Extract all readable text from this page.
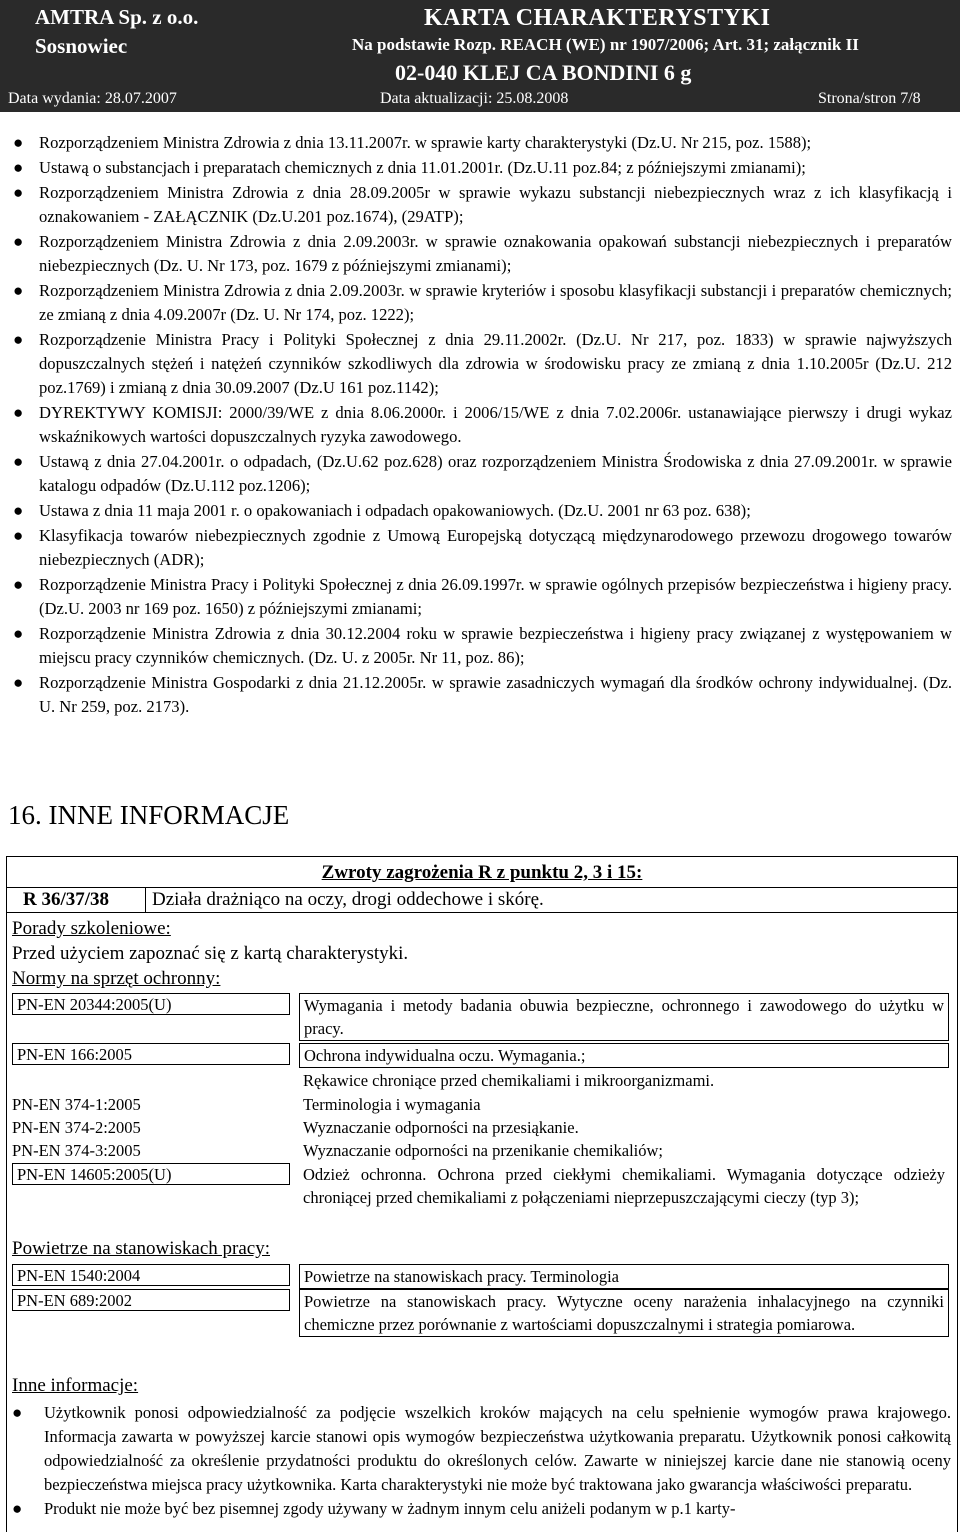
AMTRA Sp. z o.o.
Sosnowiec
KARTA CHARAKTERYSTYKI
Na podstawie Rozp. REACH (WE) nr 1907/2006; Art. 31; załącznik II
02-040 KLEJ CA BONDINI 6 g
Data wydania: 28.07.2007	Data aktualizacji: 25.08.2008	Strona/stron 7/8
● Rozporządzeniem Ministra Zdrowia z dnia 13.11.2007r. w sprawie karty charakterystyki (Dz.U. Nr 215, poz. 1588);
● Ustawą o substancjach i preparatach chemicznych z dnia 11.01.2001r. (Dz.U.11 poz.84; z późniejszymi zmianami);
● Rozporządzeniem Ministra Zdrowia z dnia 28.09.2005r w sprawie wykazu substancji niebezpiecznych wraz z ich klasyfikacją i oznakowaniem - ZAŁĄCZNIK (Dz.U.201 poz.1674), (29ATP);
● Rozporządzeniem Ministra Zdrowia z dnia 2.09.2003r. w sprawie oznakowania opakowań substancji niebezpiecznych i preparatów niebezpiecznych (Dz. U. Nr 173, poz. 1679 z późniejszymi zmianami);
● Rozporządzeniem Ministra Zdrowia z dnia 2.09.2003r. w sprawie kryteriów i sposobu klasyfikacji substancji i preparatów chemicznych; ze zmianą z dnia 4.09.2007r (Dz. U. Nr 174, poz. 1222);
● Rozporządzenie Ministra Pracy i Polityki Społecznej z dnia 29.11.2002r. (Dz.U. Nr 217, poz. 1833) w sprawie najwyższych dopuszczalnych stężeń i natężeń czynników szkodliwych dla zdrowia w środowisku pracy ze zmianą z dnia 1.10.2005r (Dz.U. 212 poz.1769) i zmianą z dnia 30.09.2007 (Dz.U 161 poz.1142);
● DYREKTYWY KOMISJI: 2000/39/WE z dnia 8.06.2000r. i 2006/15/WE z dnia 7.02.2006r. ustanawiające pierwszy i drugi wykaz wskaźnikowych wartości dopuszczalnych ryzyka zawodowego.
● Ustawą z dnia 27.04.2001r. o odpadach, (Dz.U.62 poz.628) oraz rozporządzeniem Ministra Środowiska z dnia 27.09.2001r. w sprawie katalogu odpadów (Dz.U.112 poz.1206);
● Ustawa z dnia 11 maja 2001 r. o opakowaniach i odpadach opakowaniowych. (Dz.U. 2001 nr 63 poz. 638);
● Klasyfikacja towarów niebezpiecznych zgodnie z Umową Europejską dotyczącą międzynarodowego przewozu drogowego towarów niebezpiecznych (ADR);
● Rozporządzenie Ministra Pracy i Polityki Społecznej z dnia 26.09.1997r. w sprawie ogólnych przepisów bezpieczeństwa i higieny pracy. (Dz.U. 2003 nr 169 poz. 1650) z późniejszymi zmianami;
● Rozporządzenie Ministra Zdrowia z dnia 30.12.2004 roku w sprawie bezpieczeństwa i higieny pracy związanej z występowaniem w miejscu pracy czynników chemicznych. (Dz. U. z 2005r. Nr 11, poz. 86);
● Rozporządzenie Ministra Gospodarki z dnia 21.12.2005r. w sprawie zasadniczych wymagań dla środków ochrony indywidualnej. (Dz. U. Nr 259, poz. 2173).
16. INNE INFORMACJE
Zwroty zagrożenia R z punktu 2, 3 i 15:
R 36/37/38 Działa drażniąco na oczy, drogi oddechowe i skórę.
Porady szkoleniowe:
Przed użyciem zapoznać się z kartą charakterystyki.
Normy na sprzęt ochronny:
PN-EN 20344:2005(U)	Wymagania i metody badania obuwia bezpieczne, ochronnego i zawodowego do użytku w pracy.
PN-EN 166:2005	Ochrona indywidualna oczu. Wymagania.;
Rękawice chroniące przed chemikaliami i mikroorganizmami.
PN-EN 374-1:2005	Terminologia i wymagania
PN-EN 374-2:2005	Wyznaczanie odporności na przesiąkanie.
PN-EN 374-3:2005	Wyznaczanie odporności na przenikanie chemikaliów;
PN-EN 14605:2005(U)	Odzież ochronna. Ochrona przed ciekłymi chemikaliami. Wymagania dotyczące odzieży chroniącej przed chemikaliami z połączeniami nieprzepuszczającymi cieczy (typ 3);
Powietrze na stanowiskach pracy:
PN-EN 1540:2004	Powietrze na stanowiskach pracy. Terminologia
PN-EN 689:2002	Powietrze na stanowiskach pracy. Wytyczne oceny narażenia inhalacyjnego na czynniki chemiczne przez porównanie z wartościami dopuszczalnymi i strategia pomiarowa.
Inne informacje:
● Użytkownik ponosi odpowiedzialność za podjęcie wszelkich kroków mających na celu spełnienie wymogów prawa krajowego. Informacja zawarta w powyższej karcie stanowi opis wymogów bezpieczeństwa użytkowania preparatu. Użytkownik ponosi całkowitą odpowiedzialność za określenie przydatności produktu do określonych celów. Zawarte w niniejszej karcie dane nie stanowią oceny bezpieczeństwa miejsca pracy użytkownika. Karta charakterystyki nie może być traktowana jako gwarancja właściwości preparatu.
● Produkt nie może być bez pisemnej zgody używany w żadnym innym celu aniżeli podanym w p.1 karty-
